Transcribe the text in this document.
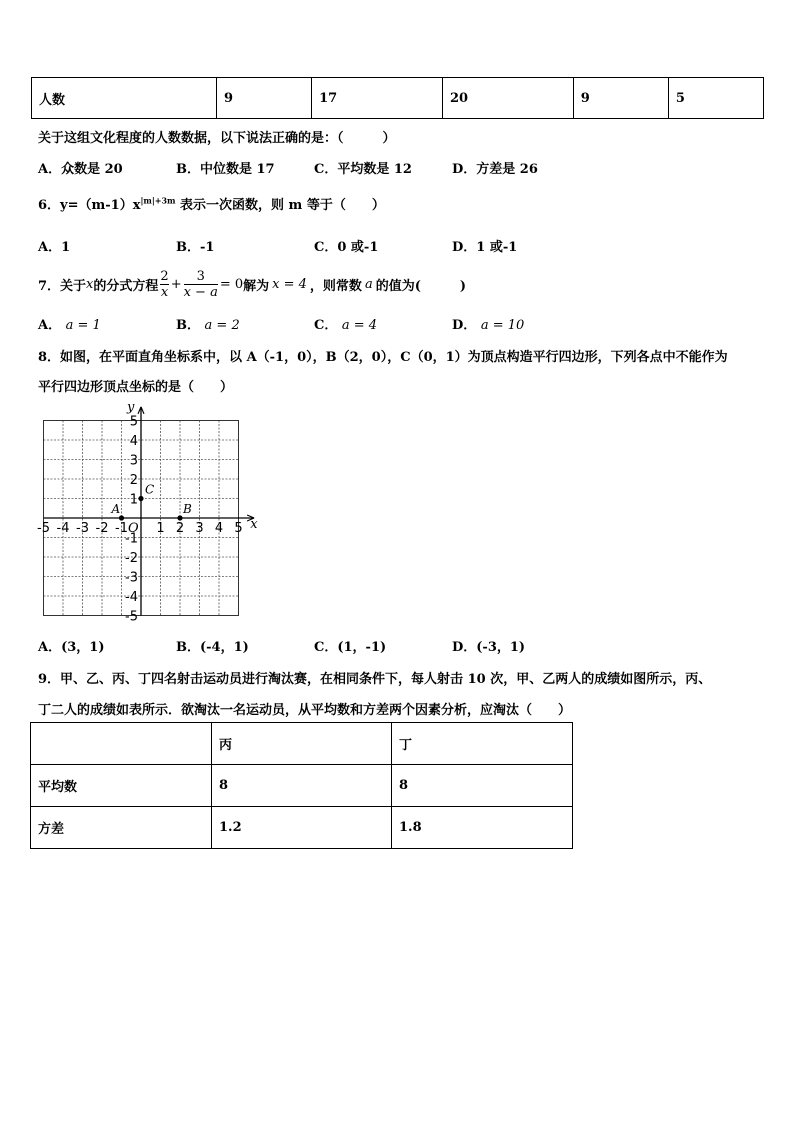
人数	9	17	20	9	5
关于这组文化程度的人数数据，以下说法正确的是：（　　　）
A．众数是 20	B．中位数是 17	C．平均数是 12	D．方差是 26
6．$y=(m-1)x^{|m|+3m}$ 表示一次函数，则 m 等于（　　）
A．1	B．-1	C．0 或-1	D．1 或-1
7．关于 x 的分式方程 $\frac{2}{x} + \frac{3}{x - a} = 0$ 解为 x = 4 ，则常数 a 的值为(　　　)
A． a = 1	B． a = 2	C． a = 4	D． a = 10
8．如图，在平面直角坐标系中，以 A（-1，0），B（2，0），C（0，1）为顶点构造平行四边形，下列各点中不能作为
平行四边形顶点坐标的是（　　）
x
y
O
-5 -4 -3 -2 -1 1 2 3 4 5
5
4
3
2
1
-1
-2
-3
-4
-5
A	B
C
A．(3，1)	B．(-4，1)	C．(1，-1)	D．(-3，1)
9．甲、乙、丙、丁四名射击运动员进行淘汰赛，在相同条件下，每人射击 10 次，甲、乙两人的成绩如图所示，丙、
丁二人的成绩如表所示．欲淘汰一名运动员，从平均数和方差两个因素分析，应淘汰（　　）
	丙	丁
平均数	8	8
方差	1.2	1.8
